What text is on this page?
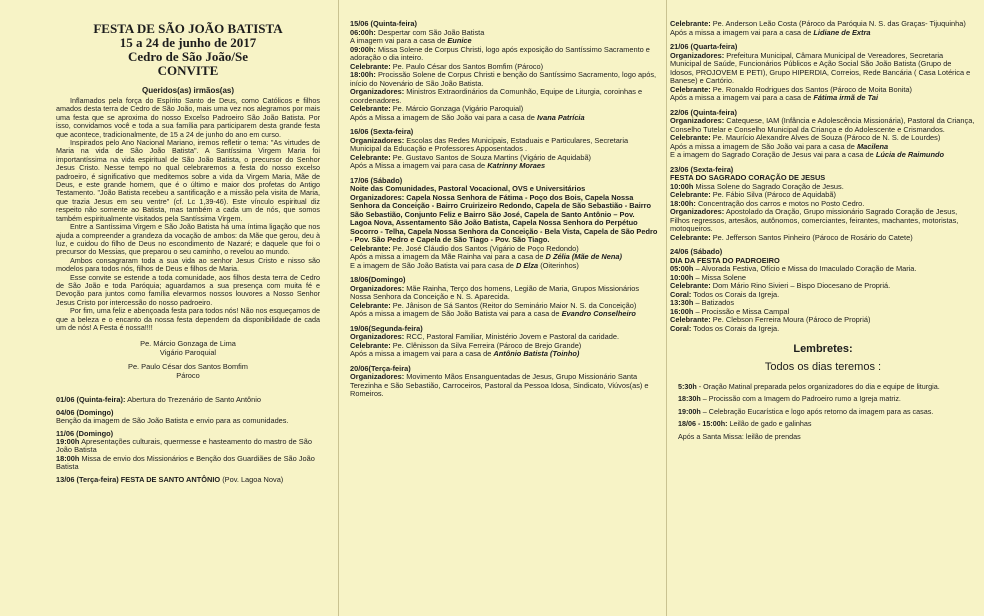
FESTA DE SÃO JOÃO BATISTA

15 a 24 de junho de 2017

Cedro de São João/Se

CONVITE

Queridos(as) irmãos(as)

Inflamados pela força do Espírito Santo de Deus, como Católicos e filhos amados desta terra de Cedro de São João, mais uma vez nos alegramos por mais uma festa que se aproxima do nosso Excelso Padroeiro São João Batista. Por isso, convidamos você e toda a sua família para participarem desta grande festa que acontece, tradicionalmente, de 15 a 24 de junho do ano em curso.

Inspirados pelo Ano Nacional Mariano, iremos refletir o tema: "As virtudes de Maria na vida de São João Batista". A Santíssima Virgem Maria foi importantíssima na vida espiritual de São João Batista, o precursor do Senhor Jesus Cristo. Nesse tempo no qual celebraremos a festa do nosso excelso padroeiro, é significativo que meditemos sobre a vida da Virgem Maria, Mãe de Deus, e este grande homem, que é o último e maior dos profetas do Antigo Testamento. "João Batista recebeu a santificação e a missão pela visita de Maria, que trazia Jesus em seu ventre" (cf. Lc 1,39-46). Este vínculo espiritual diz respeito não somente ao Batista, mas também a cada um de nós, que somos também espiritualmente visitados pela Santíssima Virgem.

Entre a Santíssima Virgem e São João Batista há uma íntima ligação que nos ajuda a compreender a grandeza da vocação de ambos: da Mãe que gerou, deu à luz, e cuidou do filho de Deus no escondimento de Nazaré; e daquele que foi o precursor do Messias, que preparou o seu caminho, o revelou ao mundo.

Ambos consagraram toda a sua vida ao senhor Jesus Cristo e nisso são modelos para todos nós, filhos de Deus e filhos de Maria.

Esse convite se estende a toda comunidade, aos filhos desta terra de Cedro de São João e toda Paróquia; aguardamos a sua presença com muita fé e Devoção para juntos como família elevarmos nossos louvores a Nosso Senhor Jesus Cristo por intercessão do nosso padroeiro.

Por fim, uma feliz e abençoada festa para todos nós! Não nos esqueçamos de que a beleza e o encanto da nossa festa dependem da disponibilidade de cada um de nós! A Festa é nossa!!!!

Pe. Márcio Gonzaga de Lima

Vigário Paroquial

Pe. Paulo César dos Santos Bomfim

Pároco

01/06 (Quinta-feira): Abertura do Trezenário de Santo Antônio
04/06 (Domingo)
Benção da imagem de São João Batista e envio para as comunidades.
11/06 (Domingo)
19:00h Apresentações culturais, quermesse e hasteamento do mastro de São João Batista
18:00h Missa de envio dos Missionários e Benção dos Guardiães de São João Batista
13/06 (Terça-feira) FESTA DE SANTO ANTÔNIO (Pov. Lagoa Nova)
15/06 (Quinta-feira)
06:00h: Despertar com São João Batista
A imagem vai para a casa de Eunice
09:00h: Missa Solene de Corpus Christi, logo após exposição do Santíssimo Sacramento e adoração o dia inteiro.
Celebrante: Pe. Paulo César dos Santos Bomfim (Pároco)
18:00h: Procissão Solene de Corpus Christi e benção do Santíssimo Sacramento, logo após, início do Novenário de São João Batista.
Organizadores: Ministros Extraordinários da Comunhão, Equipe de Liturgia, coroinhas e coordenadores.
Celebrante: Pe. Márcio Gonzaga (Vigário Paroquial)
Após a Missa a imagem de São João vai para a casa de Ivana Patrícia
16/06 (Sexta-feira)
Organizadores: Escolas das Redes Municipais, Estaduais e Particulares, Secretaria Municipal da Educação e Professores Apposentados .
Celebrante: Pe. Gustavo Santos de Souza Martins (Vigário de Aquidabã)
Após a Missa a imagem vai para casa de Katrinny Moraes
17/06 (Sábado)
Noite das Comunidades, Pastoral Vocacional, OVS e Universitários
Organizadores: Capela Nossa Senhora de Fátima - Poço dos Bois, Capela Nossa Senhora da Conceição - Bairro Cruirizeiro Redondo, Capela de São Sebastião - Bairro São Sebastião, Conjunto Feliz e Bairro São José, Capela de Santo Antônio – Pov. Lagoa Nova, Assentamento São João Batista, Capela Nossa Senhora do Perpétuo Socorro - Telha, Capela Nossa Senhora da Conceição - Bela Vista, Capela de São Pedro - Pov. São Pedro e Capela de São Tiago - Pov. São Tiago.
Celebrante: Pe. José Cláudio dos Santos (Vigário de Poço Redondo)
Após a missa a imagem da Mãe Rainha vai para a casa de D Zélia (Mãe de Nena)
E a imagem de São João Batista vai para casa de D Elza (Oiterinhos)
18/06(Domingo)
Organizadores: Mãe Rainha, Terço dos homens, Legião de Maria, Grupos Missionários Nossa Senhora da Conceição e N. S. Aparecida.
Celebrante: Pe. Jânison de Sá Santos (Reitor do Seminário Maior N. S. da Conceição)
Após a missa a imagem de São João Batista vai para a casa de Evandro Conselheiro
19/06(Segunda-feira)
Organizadores: RCC, Pastoral Familiar, Ministério Jovem e Pastoral da caridade.
Celebrante: Pe. Clênisson da Silva Ferreira (Pároco de Brejo Grande)
Após a missa a imagem vai para a casa de Antônio Batista (Toinho)
20/06(Terça-feira)
Organizadores: Movimento Mãos Ensanguentadas de Jesus, Grupo Missionário Santa Terezinha e São Sebastião, Carroceiros, Pastoral da Pessoa Idosa, Sindicato, Viúvos(as) e Romeiros.
Celebrante: Pe. Anderson Leão Costa (Pároco da Paróquia N. S. das Graças- Tijuquinha)
Após a missa a imagem vai para a casa de Lidiane de Extra
21/06 (Quarta-feira)
Organizadores: Prefeitura Municipal, Câmara Municipal de Vereadores, Secretaria Municipal de Saúde, Funcionários Públicos e Ação Social São João Batista (Grupo de Idosos, PROJOVEM E PETI), Grupo HIPERDIA, Correios, Rede Bancária ( Casa Lotérica e Banese) e Cartório.
Celebrante: Pe. Ronaldo Rodrigues dos Santos (Pároco de Moita Bonita)
Após a missa a imagem vai para a casa de Fátima irmã de Tai
22/06 (Quinta-feira)
Organizadores: Catequese, IAM (Infância e Adolescência Missionária), Pastoral da Criança, Conselho Tutelar e Conselho Municipal da Criança e do Adolescente e Crismandos.
Celebrante: Pe. Maurício Alexandre Alves de Souza (Pároco de N. S. de Lourdes)
Após a missa a imagem de São João vai para a casa de Macilena
E a imagem do Sagrado Coração de Jesus vai para a casa de Lúcia de Raimundo
23/06 (Sexta-feira)
FESTA DO SAGRADO CORAÇÃO DE JESUS
10:00h Missa Solene do Sagrado Coração de Jesus.
Celebrante: Pe. Fábio Silva (Pároco de Aquidabã)
18:00h: Concentração dos carros e motos no Posto Cedro.
Organizadores: Apostolado da Oração, Grupo missionário Sagrado Coração de Jesus, Filhos regressos, artesãos, autônomos, comerciantes, feirantes, machantes, motoristas, motoqueiros.
Celebrante: Pe. Jefferson Santos Pinheiro (Pároco de Rosário do Catete)
24/06 (Sábado)
DIA DA FESTA DO PADROEIRO
05:00h – Alvorada Festiva, Ofício e Missa do Imaculado Coração de Maria.
10:00h – Missa Solene
Celebrante: Dom Mário Rino Sivieri – Bispo Diocesano de Propriá.
Coral: Todos os Corais da Igreja.
13:30h – Batizados
16:00h – Procissão e Missa Campal
Celebrante: Pe. Clebson Ferreira Moura (Pároco de Propriá)
Coral: Todos os Corais da Igreja.
Lembretes:
Todos os dias teremos :
5:30h - Oração Matinal preparada pelos organizadores do dia e equipe de liturgia.
18:30h – Procissão com a Imagem do Padroeiro rumo a Igreja matriz.
19:00h – Celebração Eucarística e logo após retorno da imagem para as casas.
18/06 - 15:00h: Leilão de gado e galinhas
Após a Santa Missa: leilão de prendas
